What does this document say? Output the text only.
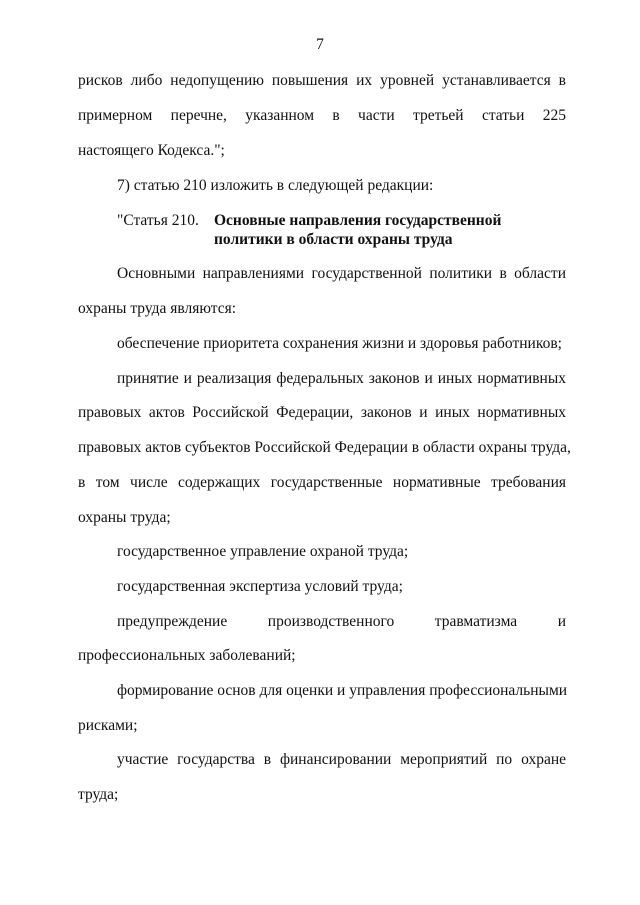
7
рисков либо недопущению повышения их уровней устанавливается в
примерном перечне, указанном в части третьей статьи 225
настоящего Кодекса.";
7) статью 210 изложить в следующей редакции:
"Статья 210. Основные направления государственной
политики в области охраны труда
Основными направлениями государственной политики в области
охраны труда являются:
обеспечение приоритета сохранения жизни и здоровья работников;
принятие и реализация федеральных законов и иных нормативных
правовых актов Российской Федерации, законов и иных нормативных
правовых актов субъектов Российской Федерации в области охраны труда,
в том числе содержащих государственные нормативные требования
охраны труда;
государственное управление охраной труда;
государственная экспертиза условий труда;
предупреждение производственного травматизма и
профессиональных заболеваний;
формирование основ для оценки и управления профессиональными
рисками;
участие государства в финансировании мероприятий по охране
труда;
